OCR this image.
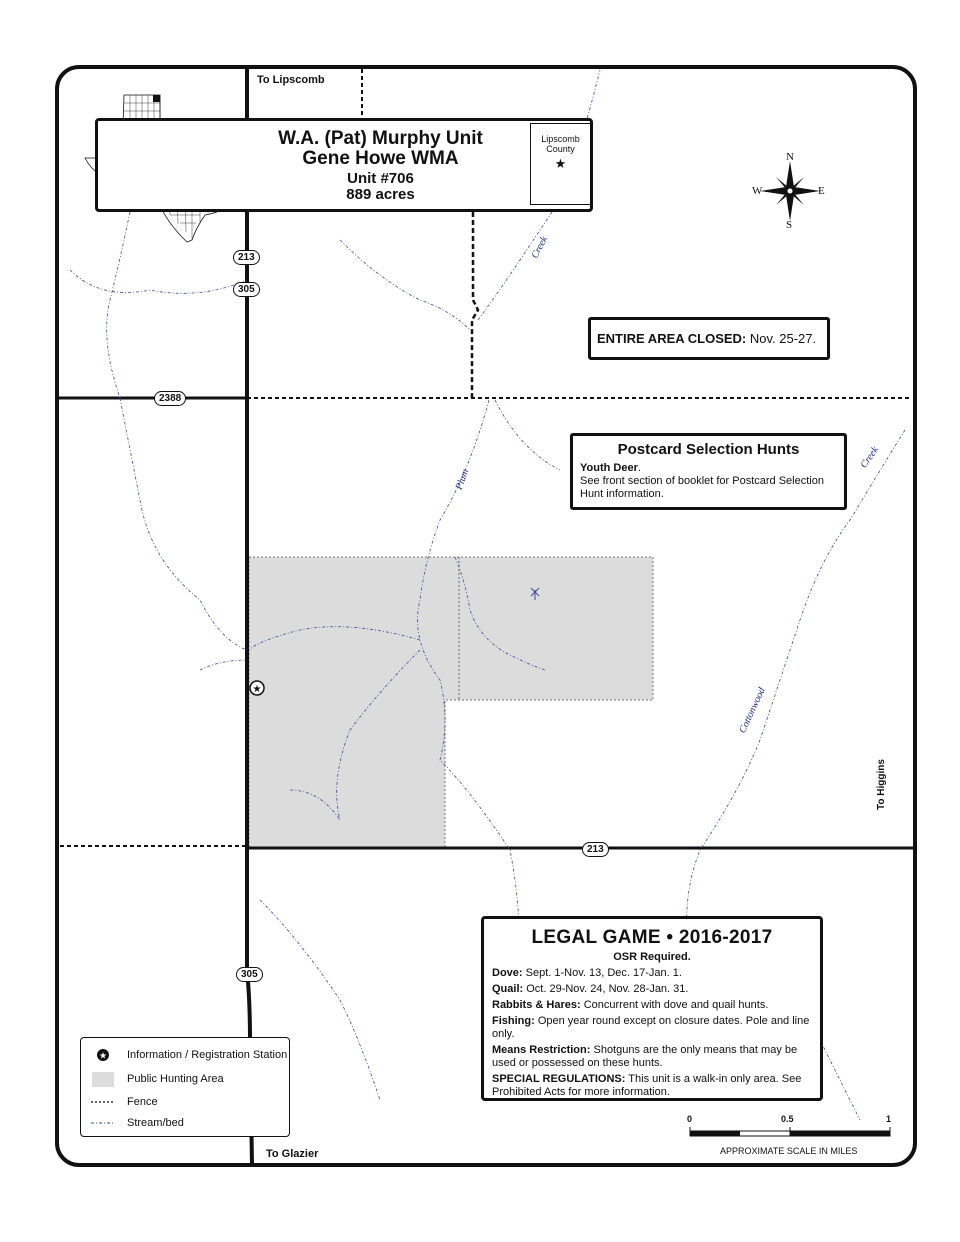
★
To Lipscomb
To Glazier
To Higgins
213
305
2388
213
305
Creek
Plum
Creek
Cottonwood
N
S
E
W
W.A. (Pat) Murphy Unit
Gene Howe WMA
Unit #706
889 acres
Lipscomb County
★
ENTIRE AREA CLOSED:
Nov. 25-27.
Postcard Selection Hunts
Youth Deer.
See front section of booklet for Postcard Selection Hunt information.
LEGAL GAME • 2016-2017
OSR Required.
Dove: Sept. 1-Nov. 13, Dec. 17-Jan. 1.
Quail: Oct. 29-Nov. 24, Nov. 28-Jan. 31.
Rabbits & Hares: Concurrent with dove and quail hunts.
Fishing: Open year round except on closure dates. Pole and line only.
Means Restriction: Shotguns are the only means that may be used or possessed on these hunts.
SPECIAL REGULATIONS: This unit is a walk-in only area. See Prohibited Acts for more information.
★ Information / Registration Station
Public Hunting Area
Fence
Stream/bed	0	0.5	1
APPROXIMATE SCALE IN MILES
